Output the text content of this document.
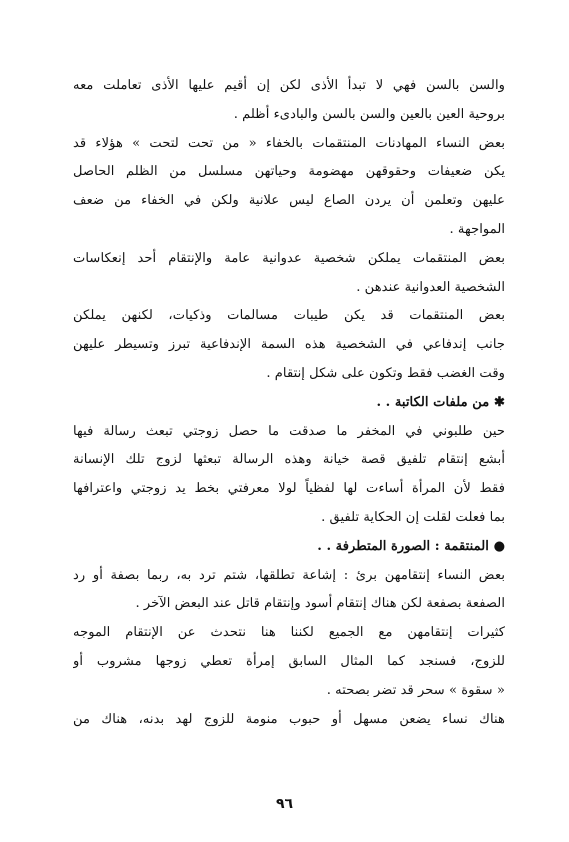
والسن بالسن فهي لا تبدأ الأذى لكن إن أقيم عليها الأذى تعاملت معه
بروحية العين بالعين والسن بالسن والبادىء أظلم .
بعض النساء المهادنات المنتقمات بالخفاء « من تحت لتحت » هؤلاء قد
يكن ضعيفات وحقوقهن مهضومة وحياتهن مسلسل من الظلم الحاصل
عليهن وتعلمن أن يردن الصاع ليس علانية ولكن في الخفاء من ضعف
المواجهة .
بعض المنتقمات يملكن شخصية عدوانية عامة والإنتقام أحد إنعكاسات
الشخصية العدوانية عندهن .
بعض المنتقمات قد يكن طيبات مسالمات وذكيات، لكنهن يملكن
جانب إندفاعي في الشخصية هذه السمة الإندفاعية تبرز وتسيطر عليهن
وقت الغضب فقط وتكون على شكل إنتقام .
✱ من ملفات الكاتبة . .
حين طلبوني في المخفر ما صدقت ما حصل زوجتي تبعث رسالة فيها
أبشع إنتقام تلفيق قصة خيانة وهذه الرسالة تبعثها لزوج تلك الإنسانة
فقط لأن المرأة أساءت لها لفظياً لولا معرفتي بخط يد زوجتي واعترافها
بما فعلت لقلت إن الحكاية تلفيق .
● المنتقمة : الصورة المتطرفة . .
بعض النساء إنتقامهن برئ : إشاعة تطلقها، شتم ترد به، ربما بصفة أو رد
الصفعة بصفعة لكن هناك إنتقام أسود وإنتقام قاتل عند البعض الآخر .
كثيرات إنتقامهن مع الجميع لكننا هنا نتحدث عن الإنتقام الموجه
للزوج، فسنجد كما المثال السابق إمرأة تعطي زوجها مشروب أو
« سقوة » سحر قد تضر بصحته .
هناك نساء يضعن مسهل أو حبوب منومة للزوج لهد بدنه، هناك من
٩٦
